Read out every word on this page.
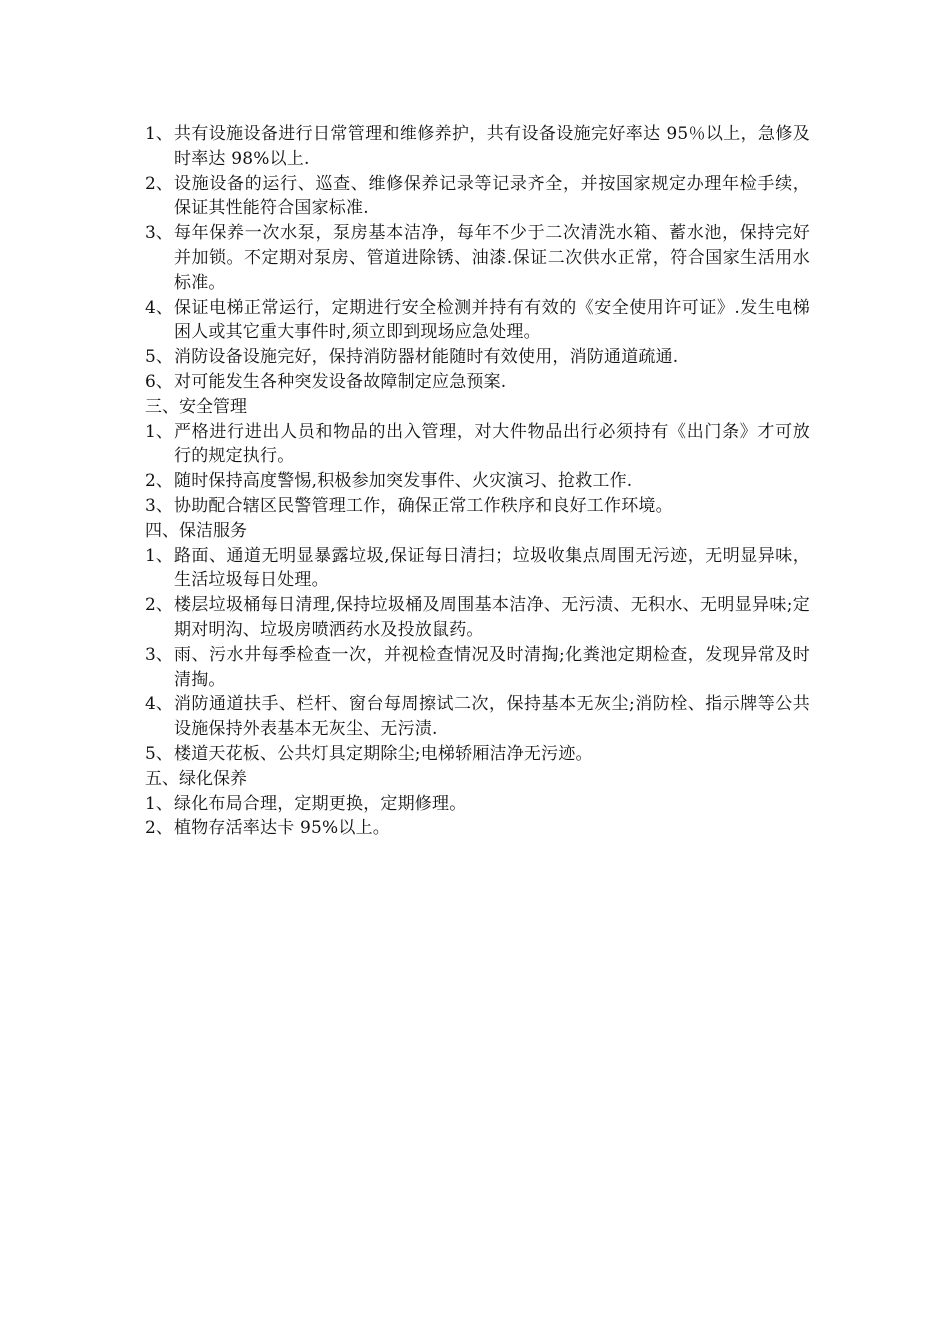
1、 共有设施设备进行日常管理和维修养护，共有设备设施完好率达 95％以上，急修及时率达 98%以上.
2、 设施设备的运行、巡查、维修保养记录等记录齐全，并按国家规定办理年检手续，保证其性能符合国家标准.
3、 每年保养一次水泵，泵房基本洁净，每年不少于二次清洗水箱、蓄水池，保持完好并加锁。不定期对泵房、管道进除锈、油漆.保证二次供水正常，符合国家生活用水标准。
4、 保证电梯正常运行，定期进行安全检测并持有有效的《安全使用许可证》.发生电梯困人或其它重大事件时,须立即到现场应急处理。
5、 消防设备设施完好，保持消防器材能随时有效使用，消防通道疏通.
6、 对可能发生各种突发设备故障制定应急预案.
三、安全管理
1、 严格进行进出人员和物品的出入管理，对大件物品出行必须持有《出门条》才可放行的规定执行。
2、 随时保持高度警惕,积极参加突发事件、火灾演习、抢救工作.
3、 协助配合辖区民警管理工作，确保正常工作秩序和良好工作环境。
四、保洁服务
1、 路面、通道无明显暴露垃圾,保证每日清扫；垃圾收集点周围无污迹，无明显异味，生活垃圾每日处理。
2、 楼层垃圾桶每日清理,保持垃圾桶及周围基本洁净、无污渍、无积水、无明显异味;定期对明沟、垃圾房喷洒药水及投放鼠药。
3、 雨、污水井每季检查一次，并视检查情况及时清掏;化粪池定期检查，发现异常及时清掏。
4、 消防通道扶手、栏杆、窗台每周擦试二次，保持基本无灰尘;消防栓、指示牌等公共设施保持外表基本无灰尘、无污渍.
5、 楼道天花板、公共灯具定期除尘;电梯轿厢洁净无污迹。
五、绿化保养
1、 绿化布局合理，定期更换，定期修理。
2、 植物存活率达卡 95%以上。
